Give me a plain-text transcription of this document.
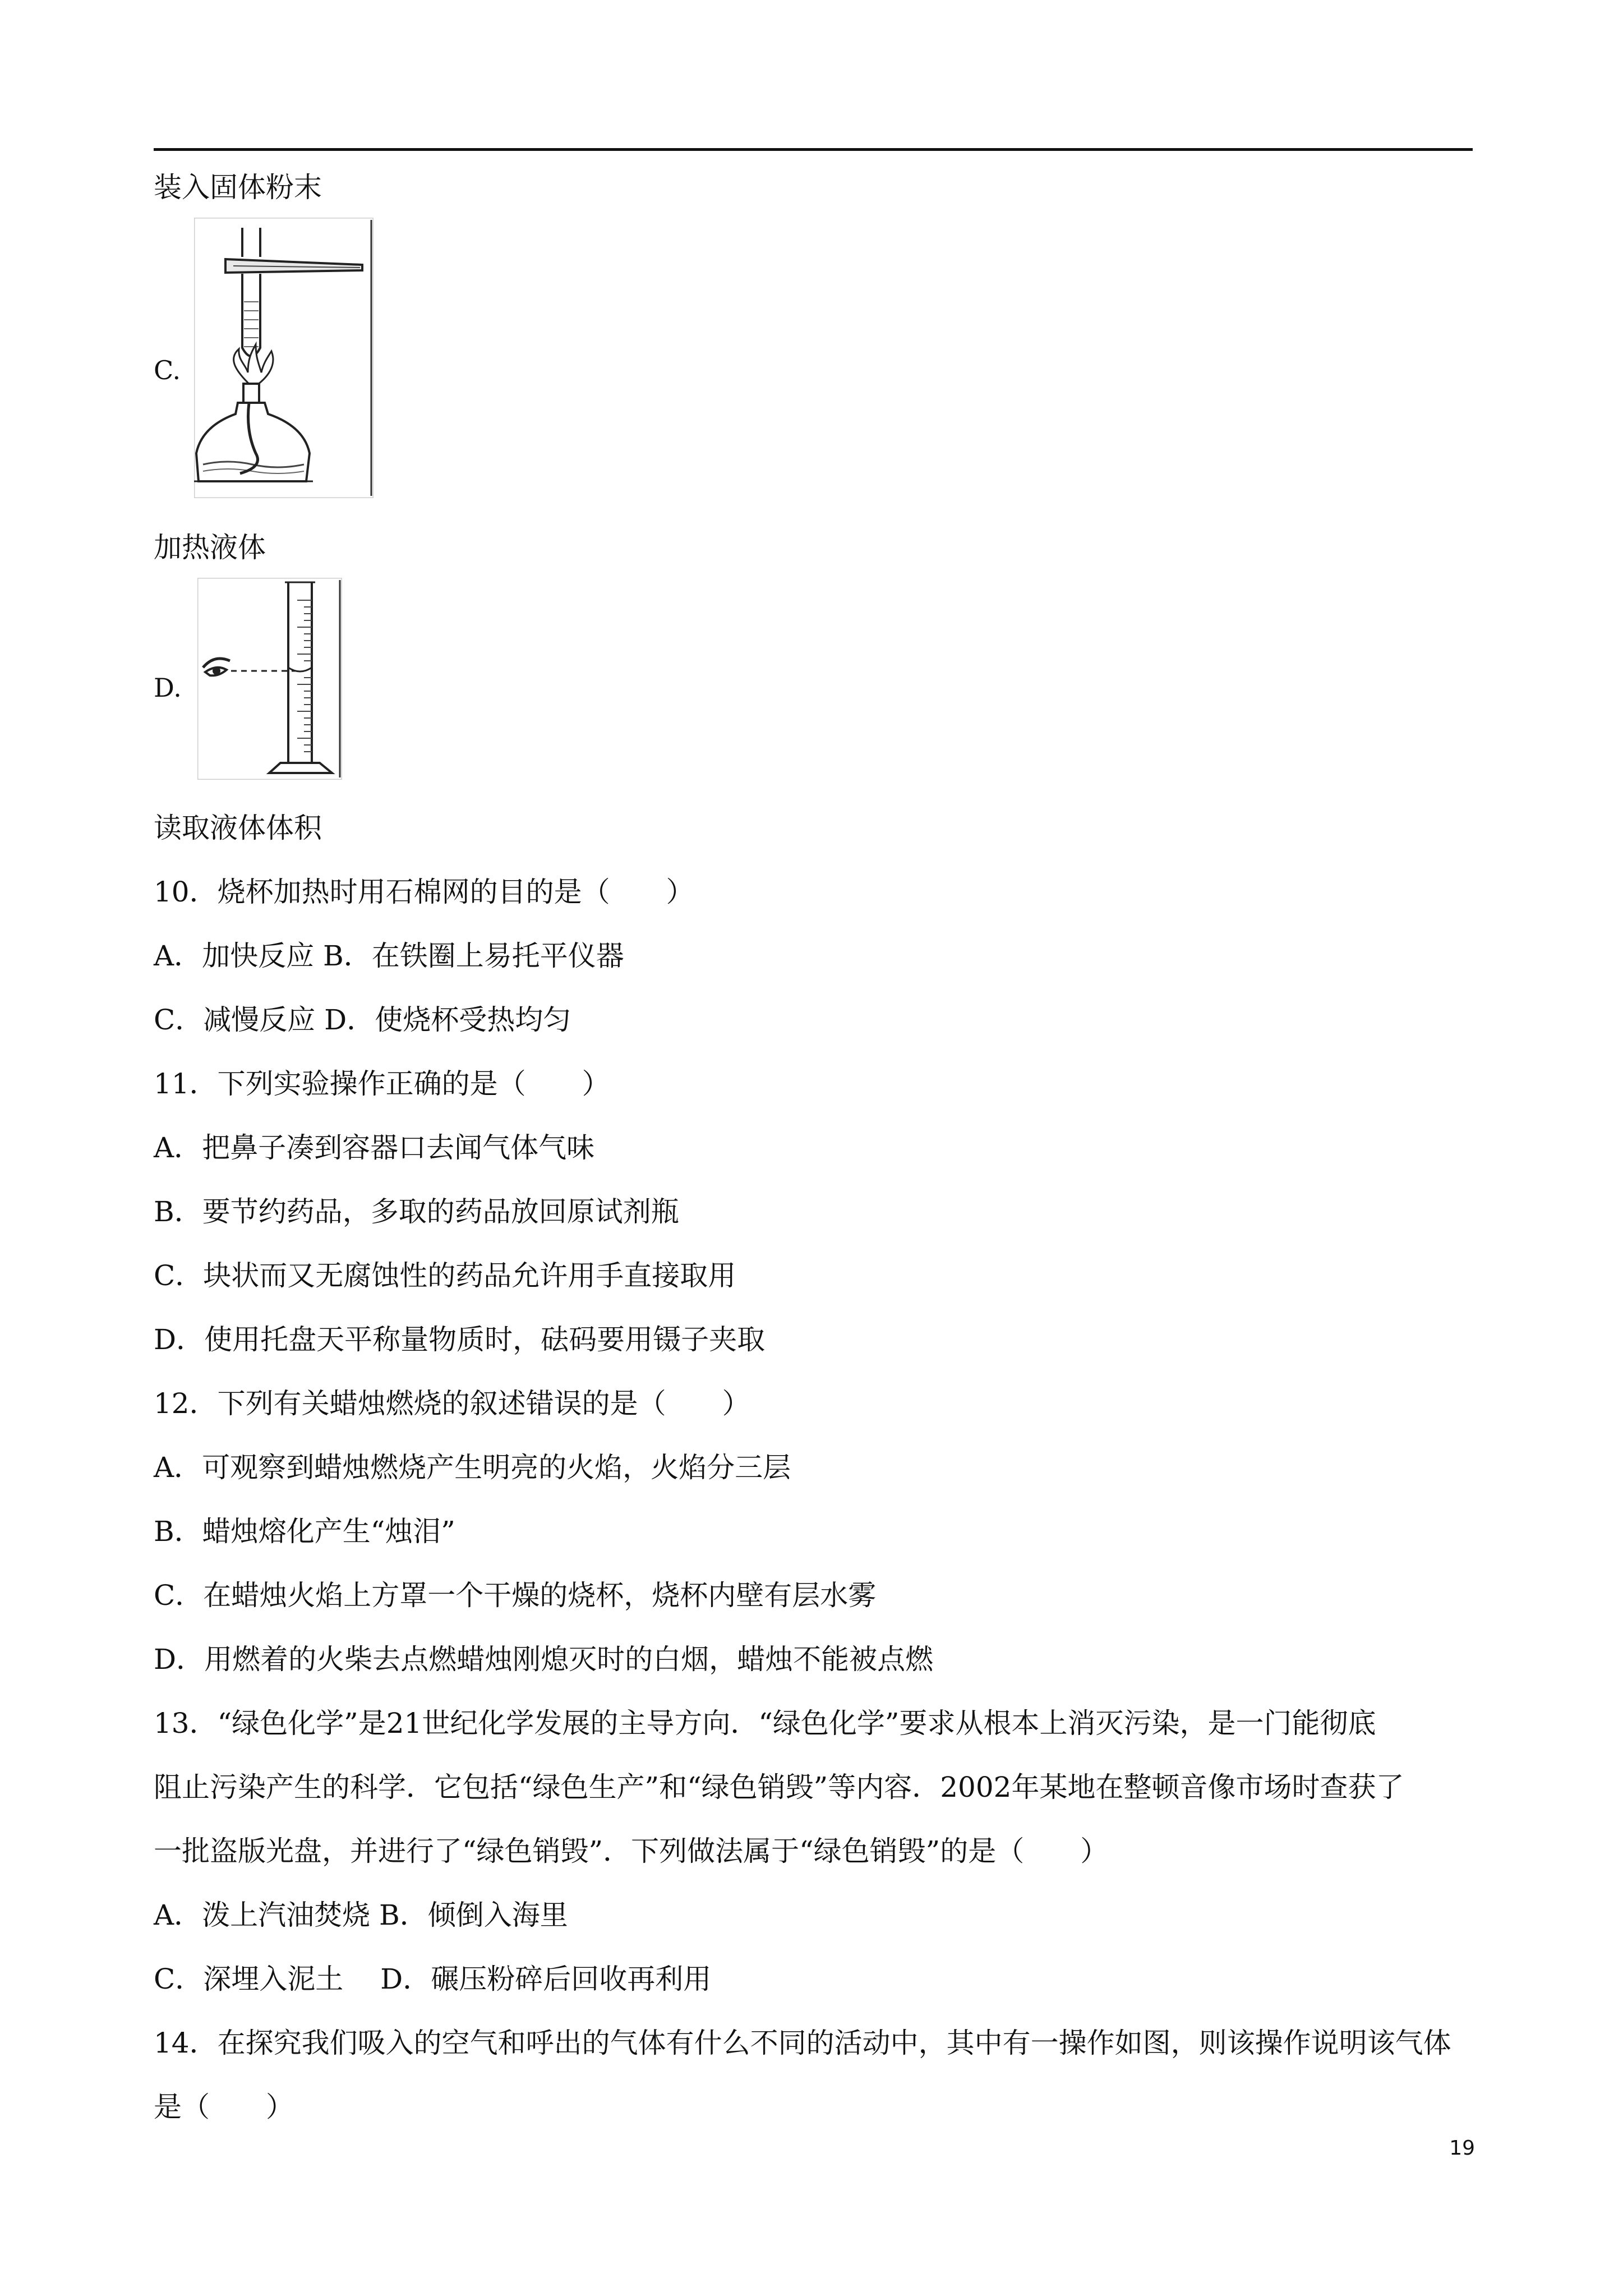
装入固体粉末
C.
加热液体
D.
读取液体体积
10．烧杯加热时用石棉网的目的是（　　）
A．加快反应 B．在铁圈上易托平仪器
C．减慢反应 D．使烧杯受热均匀
11．下列实验操作正确的是（　　）
A．把鼻子凑到容器口去闻气体气味
B．要节约药品，多取的药品放回原试剂瓶
C．块状而又无腐蚀性的药品允许用手直接取用
D．使用托盘天平称量物质时，砝码要用镊子夹取
12．下列有关蜡烛燃烧的叙述错误的是（　　）
A．可观察到蜡烛燃烧产生明亮的火焰，火焰分三层
B．蜡烛熔化产生“烛泪”
C．在蜡烛火焰上方罩一个干燥的烧杯，烧杯内壁有层水雾
D．用燃着的火柴去点燃蜡烛刚熄灭时的白烟，蜡烛不能被点燃
13．“绿色化学”是21世纪化学发展的主导方向．“绿色化学”要求从根本上消灭污染，是一门能彻底
阻止污染产生的科学．它包括“绿色生产”和“绿色销毁”等内容．2002年某地在整顿音像市场时查获了
一批盗版光盘，并进行了“绿色销毁”．下列做法属于“绿色销毁”的是（　　）
A．泼上汽油焚烧 B．倾倒入海里
C．深埋入泥土　 D．碾压粉碎后回收再利用
14．在探究我们吸入的空气和呼出的气体有什么不同的活动中，其中有一操作如图，则该操作说明该气体
是（　　）
19
